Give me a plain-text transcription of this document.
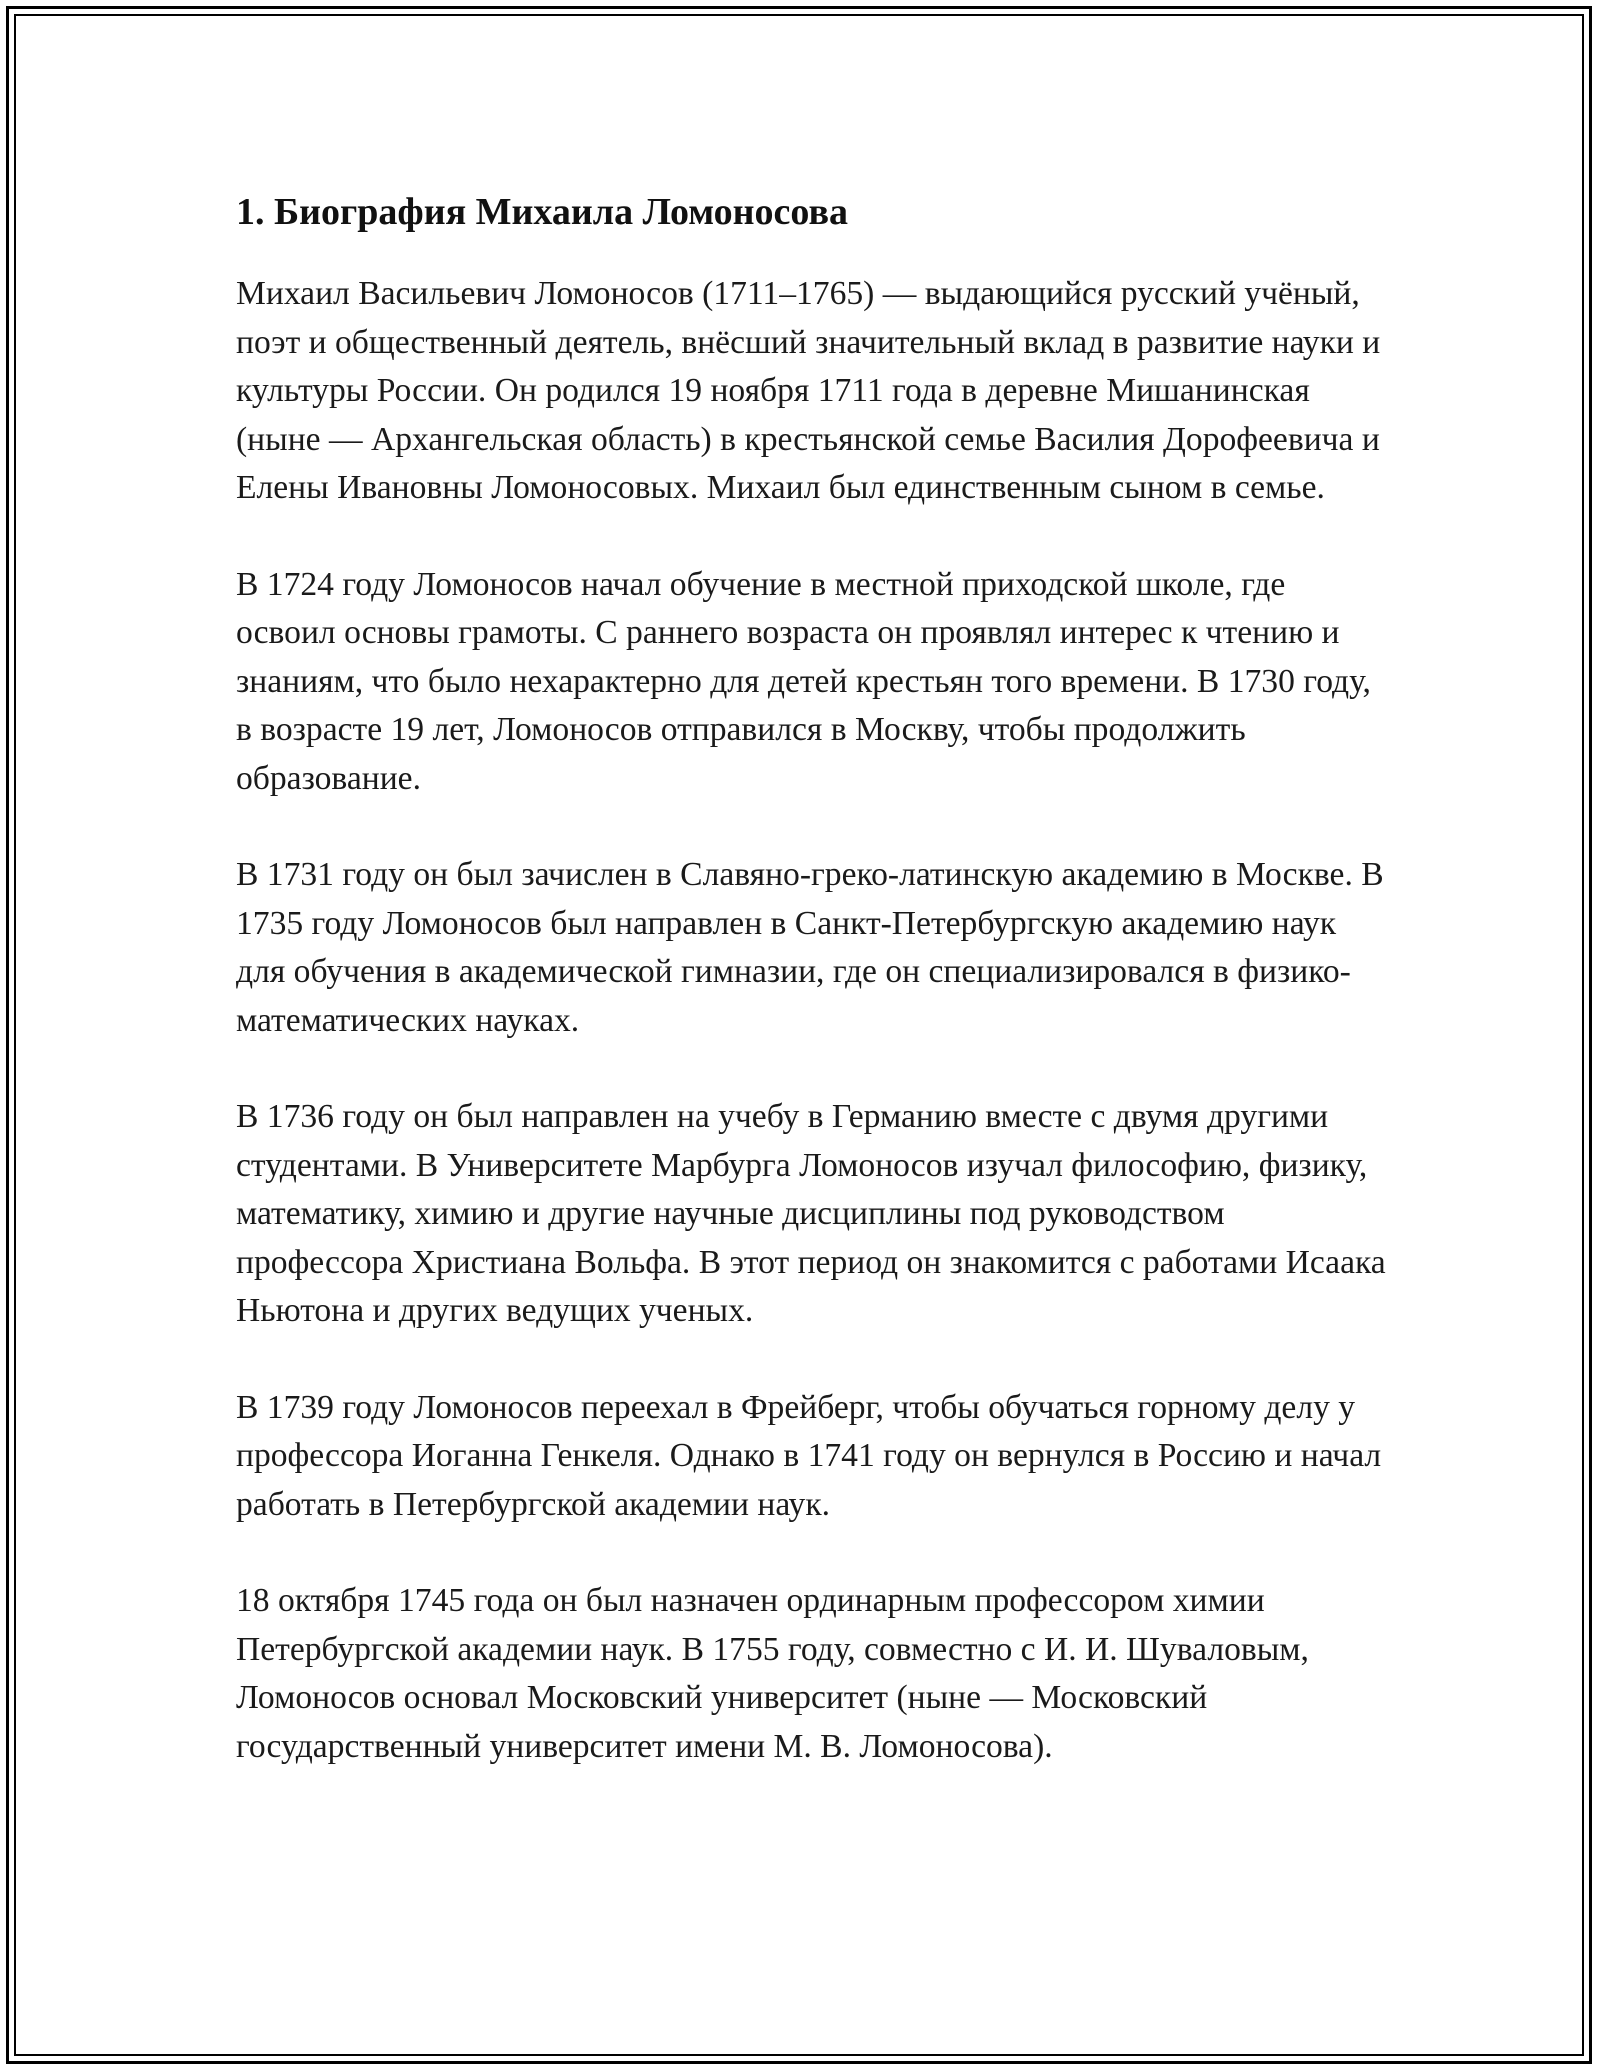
1. Биография Михаила Ломоносова

Михаил Васильевич Ломоносов (1711–1765) — выдающийся русский учёный, поэт и общественный деятель, внёсший значительный вклад в развитие науки и культуры России. Он родился 19 ноября 1711 года в деревне Мишанинская (ныне — Архангельская область) в крестьянской семье Василия Дорофеевича и Елены Ивановны Ломоносовых. Михаил был единственным сыном в семье.

В 1724 году Ломоносов начал обучение в местной приходской школе, где освоил основы грамоты. С раннего возраста он проявлял интерес к чтению и знаниям, что было нехарактерно для детей крестьян того времени. В 1730 году, в возрасте 19 лет, Ломоносов отправился в Москву, чтобы продолжить образование.

В 1731 году он был зачислен в Славяно-греко-латинскую академию в Москве. В 1735 году Ломоносов был направлен в Санкт-Петербургскую академию наук для обучения в академической гимназии, где он специализировался в физико-математических науках.

В 1736 году он был направлен на учебу в Германию вместе с двумя другими студентами. В Университете Марбурга Ломоносов изучал философию, физику, математику, химию и другие научные дисциплины под руководством профессора Христиана Вольфа. В этот период он знакомится с работами Исаака Ньютона и других ведущих ученых.

В 1739 году Ломоносов переехал в Фрейберг, чтобы обучаться горному делу у профессора Иоганна Генкеля. Однако в 1741 году он вернулся в Россию и начал работать в Петербургской академии наук.

18 октября 1745 года он был назначен ординарным профессором химии Петербургской академии наук. В 1755 году, совместно с И. И. Шуваловым, Ломоносов основал Московский университет (ныне — Московский государственный университет имени М. В. Ломоносова).
